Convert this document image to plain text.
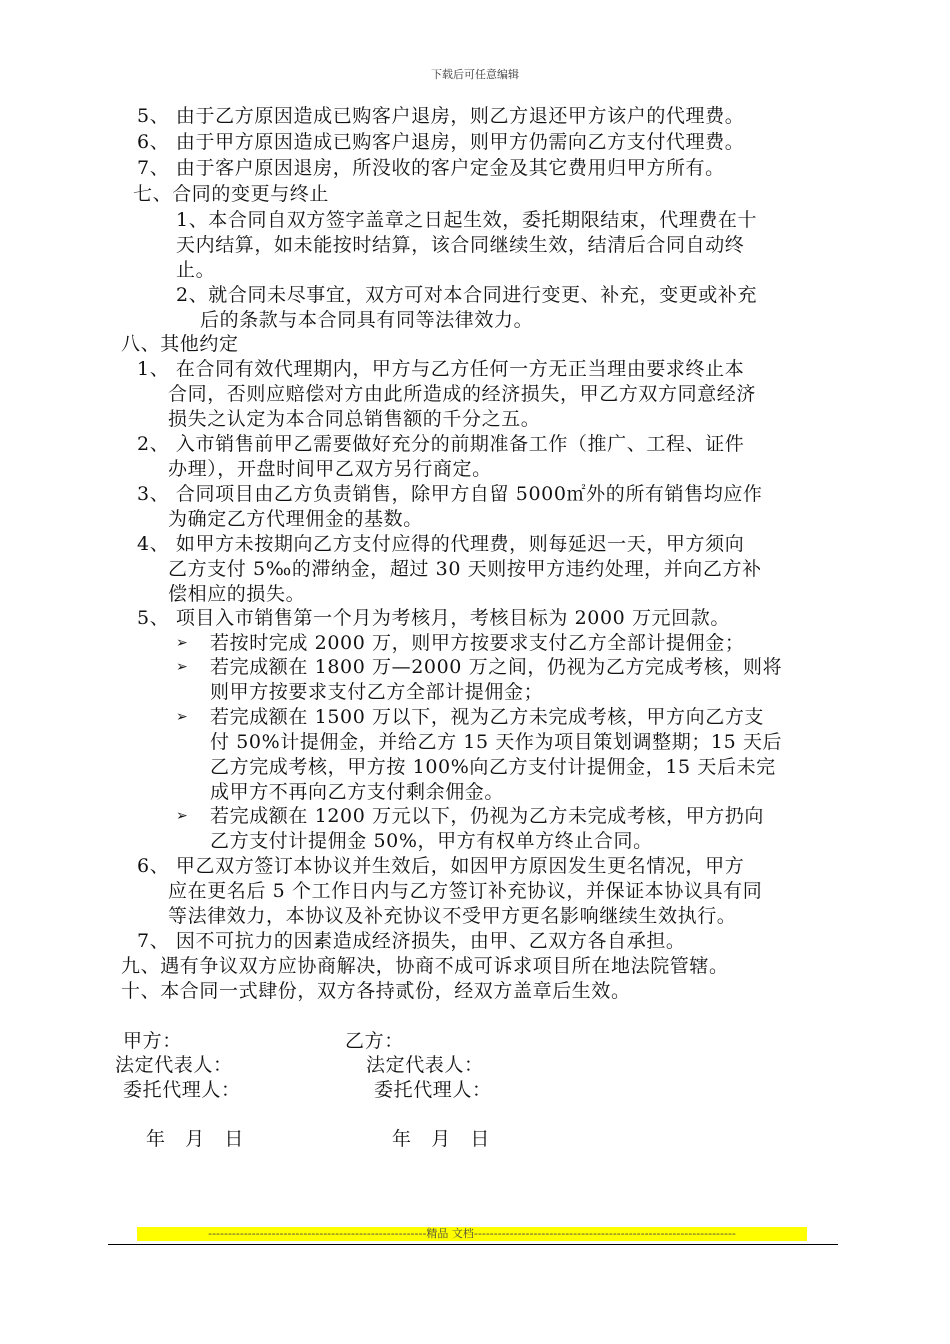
下载后可任意编辑
5、 由于乙方原因造成已购客户退房，则乙方退还甲方该户的代理费。
6、 由于甲方原因造成已购客户退房，则甲方仍需向乙方支付代理费。
7、 由于客户原因退房，所没收的客户定金及其它费用归甲方所有。
七、合同的变更与终止
1、本合同自双方签字盖章之日起生效，委托期限结束，代理费在十
天内结算，如未能按时结算，该合同继续生效，结清后合同自动终
止。
2、就合同未尽事宜，双方可对本合同进行变更、补充，变更或补充
后的条款与本合同具有同等法律效力。
八、其他约定
1、 在合同有效代理期内，甲方与乙方任何一方无正当理由要求终止本
合同，否则应赔偿对方由此所造成的经济损失，甲乙方双方同意经济
损失之认定为本合同总销售额的千分之五。
2、 入市销售前甲乙需要做好充分的前期准备工作（推广、工程、证件
办理），开盘时间甲乙双方另行商定。
3、 合同项目由乙方负责销售，除甲方自留 5000㎡外的所有销售均应作
为确定乙方代理佣金的基数。
4、 如甲方未按期向乙方支付应得的代理费，则每延迟一天，甲方须向
乙方支付 5‰的滞纳金，超过 30 天则按甲方违约处理，并向乙方补
偿相应的损失。
5、 项目入市销售第一个月为考核月，考核目标为 2000 万元回款。
➢ 若按时完成 2000 万，则甲方按要求支付乙方全部计提佣金；
➢ 若完成额在 1800 万—2000 万之间，仍视为乙方完成考核，则将
则甲方按要求支付乙方全部计提佣金；
➢ 若完成额在 1500 万以下，视为乙方未完成考核，甲方向乙方支
付 50%计提佣金，并给乙方 15 天作为项目策划调整期；15 天后
乙方完成考核，甲方按 100%向乙方支付计提佣金，15 天后未完
成甲方不再向乙方支付剩余佣金。
➢ 若完成额在 1200 万元以下，仍视为乙方未完成考核，甲方扔向
乙方支付计提佣金 50%，甲方有权单方终止合同。
6、 甲乙双方签订本协议并生效后，如因甲方原因发生更名情况，甲方
应在更名后 5 个工作日内与乙方签订补充协议，并保证本协议具有同
等法律效力，本协议及补充协议不受甲方更名影响继续生效执行。
7、 因不可抗力的因素造成经济损失，由甲、乙双方各自承担。
九、遇有争议双方应协商解决，协商不成可诉求项目所在地法院管辖。
十、本合同一式肆份，双方各持贰份，经双方盖章后生效。
甲方：	乙方：
法定代表人：	法定代表人：
委托代理人：	委托代理人：
年　月　日	年　月　日
-------------------------------------------------------精品 文档------------------------------------------------------------------
